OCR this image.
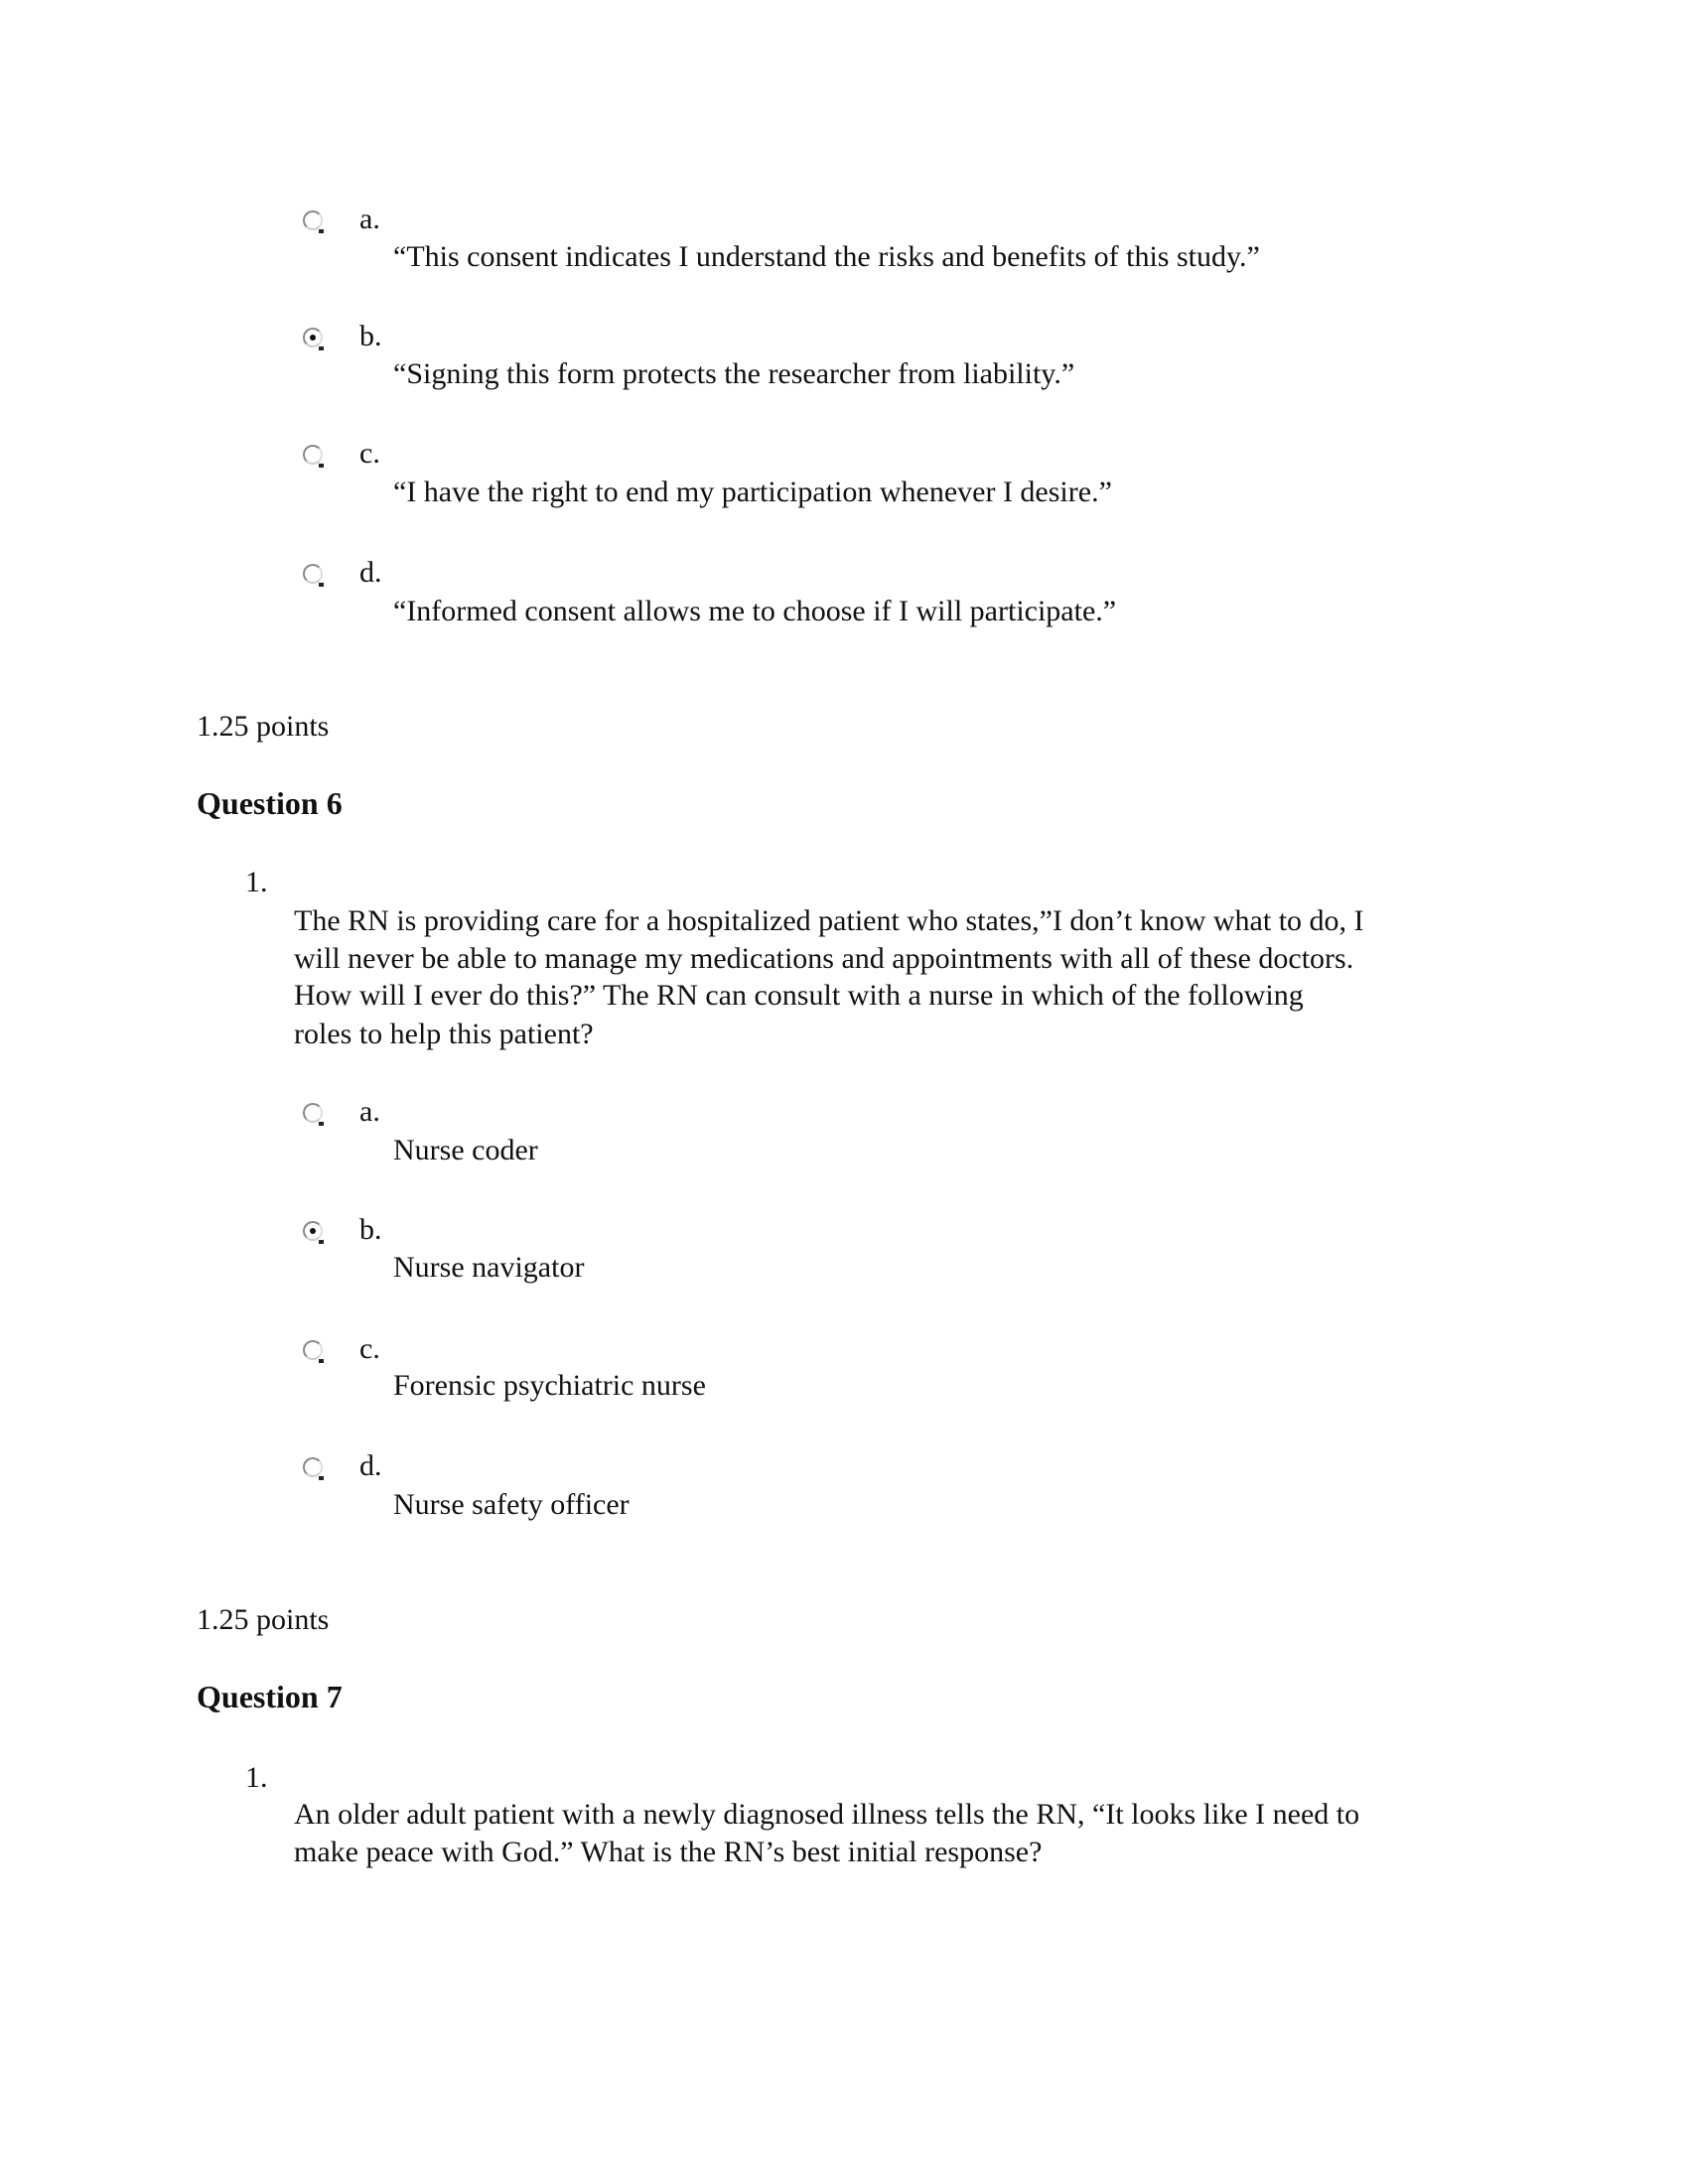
a.
“This consent indicates I understand the risks and benefits of this study.”
b.
“Signing this form protects the researcher from liability.”
c.
“I have the right to end my participation whenever I desire.”
d.
“Informed consent allows me to choose if I will participate.”
1.25 points
Question 6
1.
The RN is providing care for a hospitalized patient who states,”I don’t know what to do, I
will never be able to manage my medications and appointments with all of these doctors.
How will I ever do this?” The RN can consult with a nurse in which of the following
roles to help this patient?
a.
Nurse coder
b.
Nurse navigator
c.
Forensic psychiatric nurse
d.
Nurse safety officer
1.25 points
Question 7
1.
An older adult patient with a newly diagnosed illness tells the RN, “It looks like I need to
make peace with God.” What is the RN’s best initial response?
